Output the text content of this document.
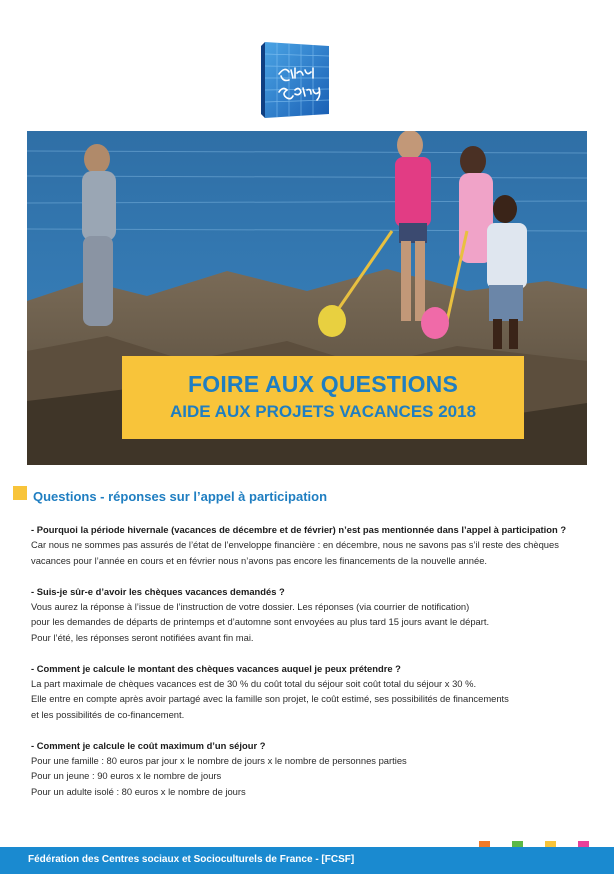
FOIRE AUX QUESTIONS
AIDE AUX PROJETS VACANCES 2018
Questions - réponses sur l’appel à participation
- Pourquoi la période hivernale (vacances de décembre et de février) n’est pas mentionnée dans l’appel à participation ?

Car nous ne sommes pas assurés de l’état de l’enveloppe financière : en décembre, nous ne savons pas s’il reste des chèques

vacances pour l’année en cours et en février nous n’avons pas encore les financements de la nouvelle année.

- Suis-je sûr-e d’avoir les chèques vacances demandés ?

Vous aurez la réponse à l’issue de l’instruction de votre dossier. Les réponses (via courrier de notification)

pour les demandes de départs de printemps et d’automne sont envoyées au plus tard 15 jours avant le départ.

Pour l’été, les réponses seront notifiées avant fin mai.

- Comment je calcule le montant des chèques vacances auquel je peux prétendre ?

La part maximale de chèques vacances est de 30 % du coût total du séjour soit coût total du séjour x 30 %.

Elle entre en compte après avoir partagé avec la famille son projet, le coût estimé, ses possibilités de financements

et les possibilités de co-financement.

- Comment je calcule le coût maximum d’un séjour ?

Pour une famille : 80 euros par jour x le nombre de jours x le nombre de personnes parties

Pour un jeune : 90 euros x le nombre de jours

Pour un adulte isolé : 80 euros x le nombre de jours

Fédération des Centres sociaux et Socioculturels de France - [FCSF]
